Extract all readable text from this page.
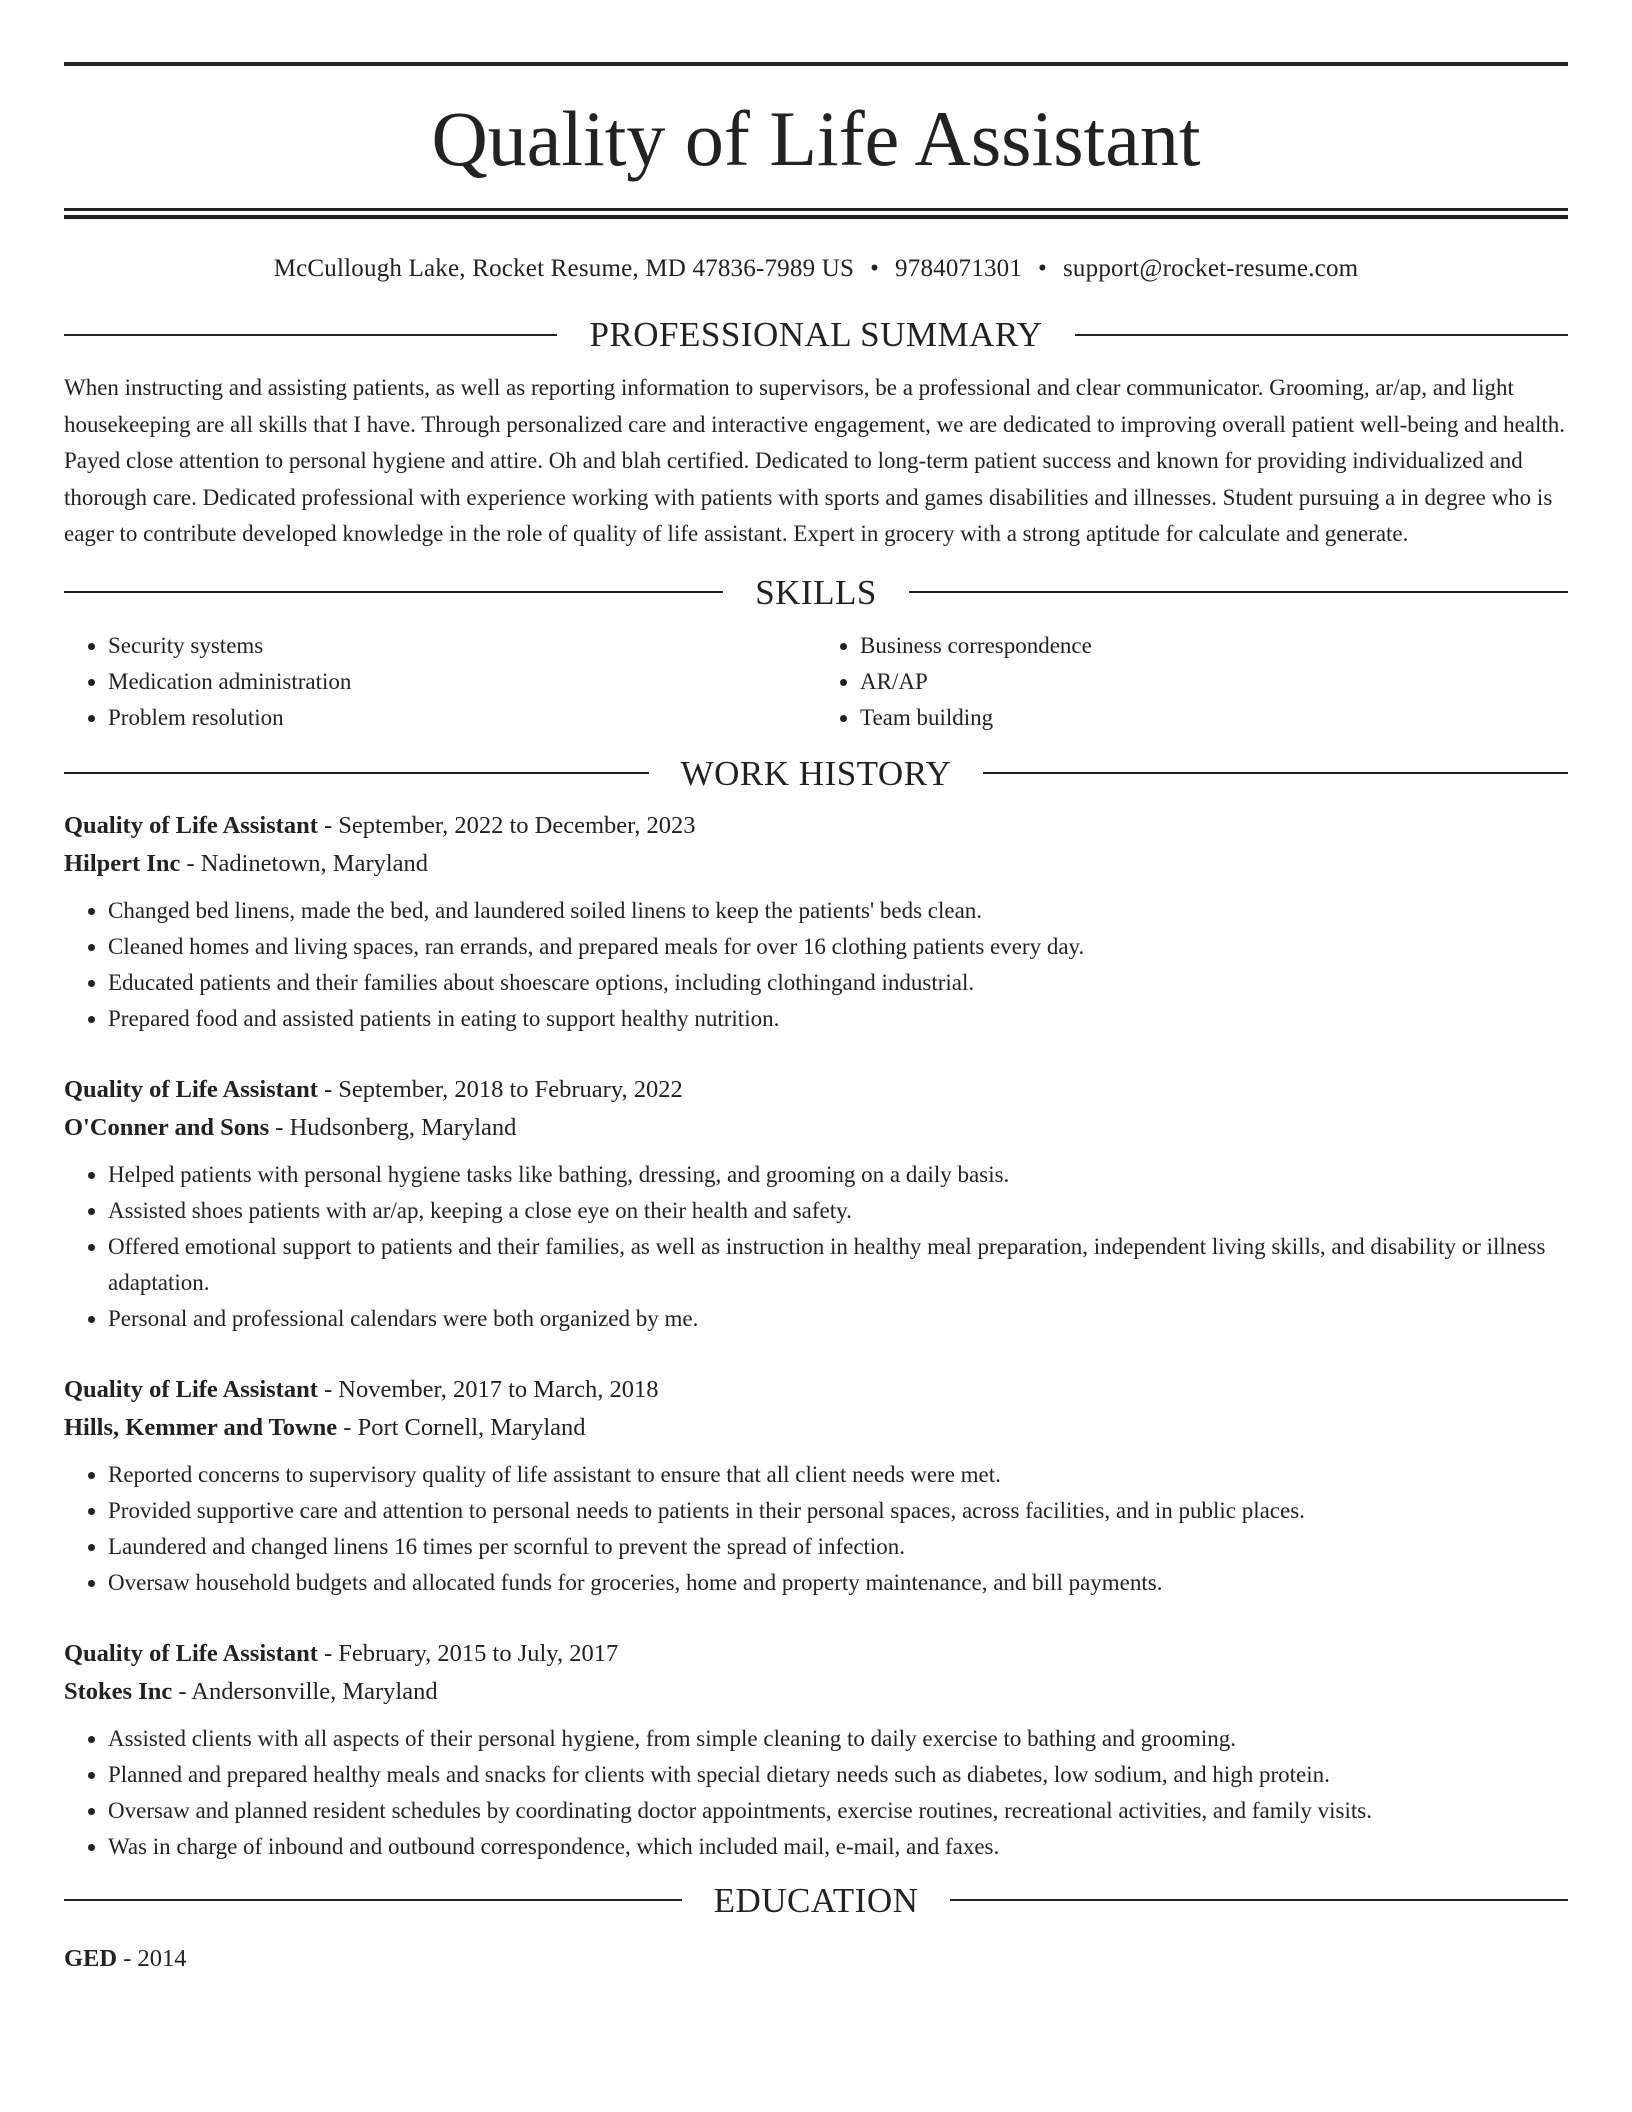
Quality of Life Assistant
McCullough Lake, Rocket Resume, MD 47836-7989 US • 9784071301 • support@rocket-resume.com
PROFESSIONAL SUMMARY

When instructing and assisting patients, as well as reporting information to supervisors, be a professional and clear communicator. Grooming, ar/ap, and light housekeeping are all skills that I have. Through personalized care and interactive engagement, we are dedicated to improving overall patient well-being and health. Payed close attention to personal hygiene and attire. Oh and blah certified. Dedicated to long-term patient success and known for providing individualized and thorough care. Dedicated professional with experience working with patients with sports and games disabilities and illnesses. Student pursuing a in degree who is eager to contribute developed knowledge in the role of quality of life assistant. Expert in grocery with a strong aptitude for calculate and generate.

SKILLS
• Security systems
• Medication administration
• Problem resolution
• Business correspondence
• AR/AP
• Team building
WORK HISTORY
Quality of Life Assistant - September, 2022 to December, 2023
Hilpert Inc - Nadinetown, Maryland
• Changed bed linens, made the bed, and laundered soiled linens to keep the patients' beds clean.
• Cleaned homes and living spaces, ran errands, and prepared meals for over 16 clothing patients every day.
• Educated patients and their families about shoescare options, including clothingand industrial.
• Prepared food and assisted patients in eating to support healthy nutrition.
Quality of Life Assistant - September, 2018 to February, 2022
O'Conner and Sons - Hudsonberg, Maryland
• Helped patients with personal hygiene tasks like bathing, dressing, and grooming on a daily basis.
• Assisted shoes patients with ar/ap, keeping a close eye on their health and safety.
• Offered emotional support to patients and their families, as well as instruction in healthy meal preparation, independent living skills, and disability or illness adaptation.
• Personal and professional calendars were both organized by me.
Quality of Life Assistant - November, 2017 to March, 2018
Hills, Kemmer and Towne - Port Cornell, Maryland
• Reported concerns to supervisory quality of life assistant to ensure that all client needs were met.
• Provided supportive care and attention to personal needs to patients in their personal spaces, across facilities, and in public places.
• Laundered and changed linens 16 times per scornful to prevent the spread of infection.
• Oversaw household budgets and allocated funds for groceries, home and property maintenance, and bill payments.
Quality of Life Assistant - February, 2015 to July, 2017
Stokes Inc - Andersonville, Maryland
• Assisted clients with all aspects of their personal hygiene, from simple cleaning to daily exercise to bathing and grooming.
• Planned and prepared healthy meals and snacks for clients with special dietary needs such as diabetes, low sodium, and high protein.
• Oversaw and planned resident schedules by coordinating doctor appointments, exercise routines, recreational activities, and family visits.
• Was in charge of inbound and outbound correspondence, which included mail, e-mail, and faxes.
EDUCATION
GED - 2014
